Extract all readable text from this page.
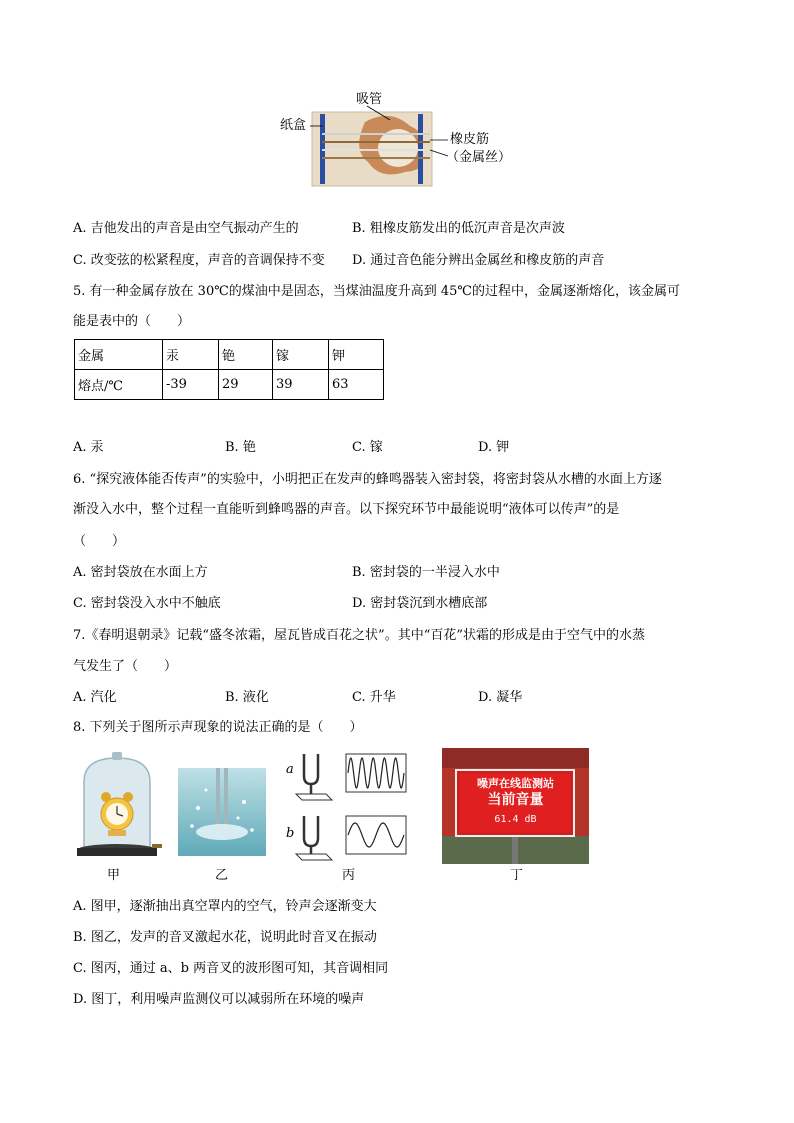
吸管
纸盒
橡皮筋
（金属丝）
A. 吉他发出的声音是由空气振动产生的	B. 粗橡皮筋发出的低沉声音是次声波
C. 改变弦的松紧程度，声音的音调保持不变 D. 通过音色能分辨出金属丝和橡皮筋的声音
5. 有一种金属存放在 30℃的煤油中是固态，当煤油温度升高到 45℃的过程中，金属逐渐熔化，该金属可
能是表中的（　　）
金属	汞	铯	镓	钾
熔点/℃	-39	29	39	63
A. 汞	B. 铯	C. 镓	D. 钾
6. “探究液体能否传声”的实验中，小明把正在发声的蜂鸣器装入密封袋，将密封袋从水槽的水面上方逐
渐没入水中，整个过程一直能听到蜂鸣器的声音。以下探究环节中最能说明“液体可以传声”的是
（　　）
A. 密封袋放在水面上方	B. 密封袋的一半浸入水中
C. 密封袋没入水中不触底	D. 密封袋沉到水槽底部
7.《春明退朝录》记载“盛冬浓霜，屋瓦皆成百花之状”。其中“百花”状霜的形成是由于空气中的水蒸
气发生了（　　）
A. 汽化	B. 液化	C. 升华	D. 凝华
8. 下列关于图所示声现象的说法正确的是（　　）
甲	乙
a
b
丙
噪声在线监测站
当前音量
61.4 dB
丁
A. 图甲，逐渐抽出真空罩内的空气，铃声会逐渐变大
B. 图乙，发声的音叉激起水花，说明此时音叉在振动
C. 图丙，通过 a、b 两音叉的波形图可知，其音调相同
D. 图丁，利用噪声监测仪可以减弱所在环境的噪声
